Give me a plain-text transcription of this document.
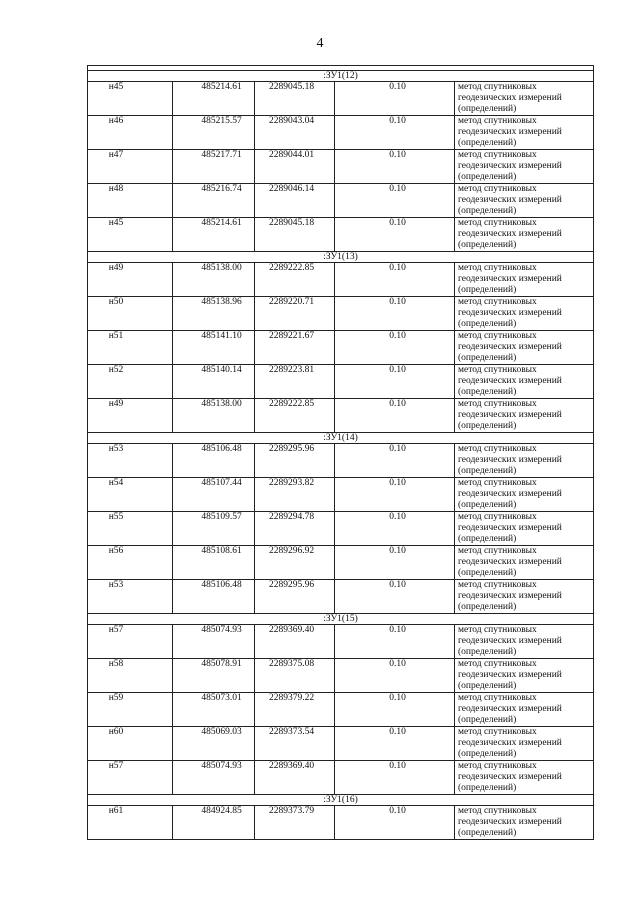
4

:ЗУ1(12)				
н45	485214.61	2289045.18	0.10	метод спутниковых
геодезических измерений
(определений)

н46	485215.57	2289043.04	0.10	метод спутниковых
геодезических измерений
(определений)

н47	485217.71	2289044.01	0.10	метод спутниковых
геодезических измерений
(определений)

н48	485216.74	2289046.14	0.10	метод спутниковых
геодезических измерений
(определений)

н45	485214.61	2289045.18	0.10	метод спутниковых
геодезических измерений
(определений)

:ЗУ1(13)				
н49	485138.00	2289222.85	0.10	метод спутниковых
геодезических измерений
(определений)

н50	485138.96	2289220.71	0.10	метод спутниковых
геодезических измерений
(определений)

н51	485141.10	2289221.67	0.10	метод спутниковых
геодезических измерений
(определений)

н52	485140.14	2289223.81	0.10	метод спутниковых
геодезических измерений
(определений)

н49	485138.00	2289222.85	0.10	метод спутниковых
геодезических измерений
(определений)

:ЗУ1(14)				
н53	485106.48	2289295.96	0.10	метод спутниковых
геодезических измерений
(определений)

н54	485107.44	2289293.82	0.10	метод спутниковых
геодезических измерений
(определений)

н55	485109.57	2289294.78	0.10	метод спутниковых
геодезических измерений
(определений)

н56	485108.61	2289296.92	0.10	метод спутниковых
геодезических измерений
(определений)

н53	485106.48	2289295.96	0.10	метод спутниковых
геодезических измерений
(определений)

:ЗУ1(15)				
н57	485074.93	2289369.40	0.10	метод спутниковых
геодезических измерений
(определений)

н58	485078.91	2289375.08	0.10	метод спутниковых
геодезических измерений
(определений)

н59	485073.01	2289379.22	0.10	метод спутниковых
геодезических измерений
(определений)

н60	485069.03	2289373.54	0.10	метод спутниковых
геодезических измерений
(определений)

н57	485074.93	2289369.40	0.10	метод спутниковых
геодезических измерений
(определений)

:ЗУ1(16)				
н61	484924.85	2289373.79	0.10	метод спутниковых
геодезических измерений
(определений)
